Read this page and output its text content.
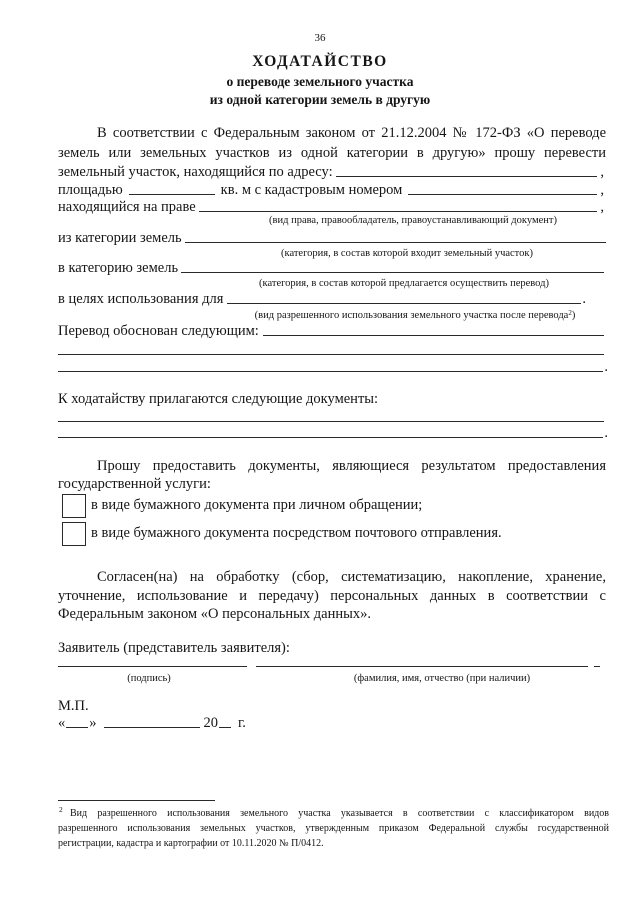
36
ХОДАТАЙСТВО
о переводе земельного участка
из одной категории земель в другую
В соответствии с Федеральным законом от 21.12.2004 № 172-ФЗ «О переводе
земель или земельных участков из одной категории в другую» прошу перевести
земельный участок, находящийся по адресу:	,
площадью	кв. м с кадастровым номером	,
находящийся на праве	,
(вид права, правообладатель, правоустанавливающий документ)
из категории земель
(категория, в состав которой входит земельный участок)
в категорию земель
(категория, в состав которой предлагается осуществить перевод)
в целях использования для	.
(вид разрешенного использования земельного участка после перевода$^2$)
Перевод обоснован следующим:
.
К ходатайству прилагаются следующие документы:
.
Прошу предоставить документы, являющиеся результатом предоставления
государственной услуги:
в виде бумажного документа при личном обращении;
в виде бумажного документа посредством почтового отправления.
Согласен(на) на обработку (сбор, систематизацию, накопление, хранение,
уточнение, использование и передачу) персональных данных в соответствии с
Федеральным законом «О персональных данных».
Заявитель (представитель заявителя):
(подпись)	(фамилия, имя, отчество (при наличии)
М.П.
« »	20 г.
2 Вид разрешенного использования земельного участка указывается в соответствии с классификатором видов
разрешенного использования земельных участков, утвержденным приказом Федеральной службы государственной
регистрации, кадастра и картографии от 10.11.2020 № П/0412.
